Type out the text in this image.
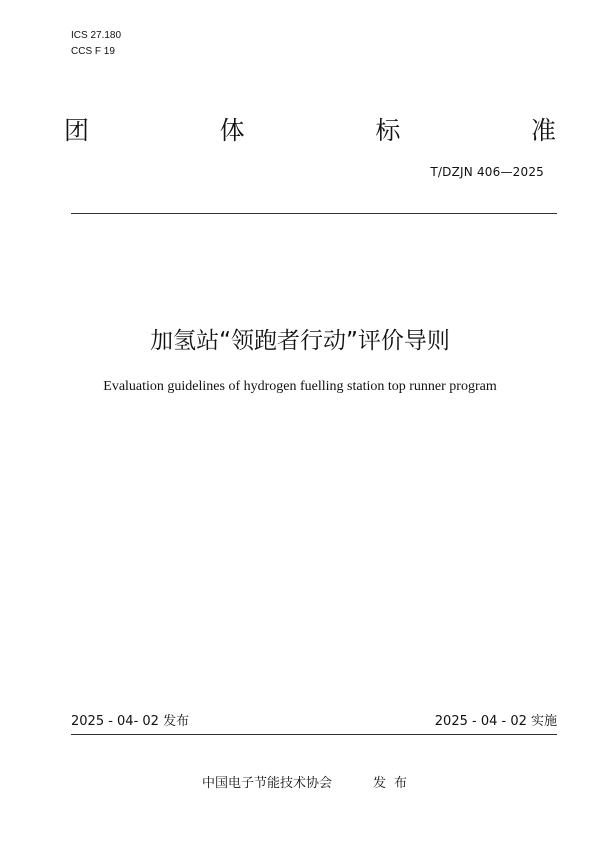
ICS 27.180
CCS F 19
团	体	标	准
T/DZJN 406—2025
加氢站“领跑者行动”评价导则
Evaluation guidelines of hydrogen fuelling station top runner program
2025 - 04- 02 发布	2025 - 04 - 02 实施
中国电子节能技术协会	发布
